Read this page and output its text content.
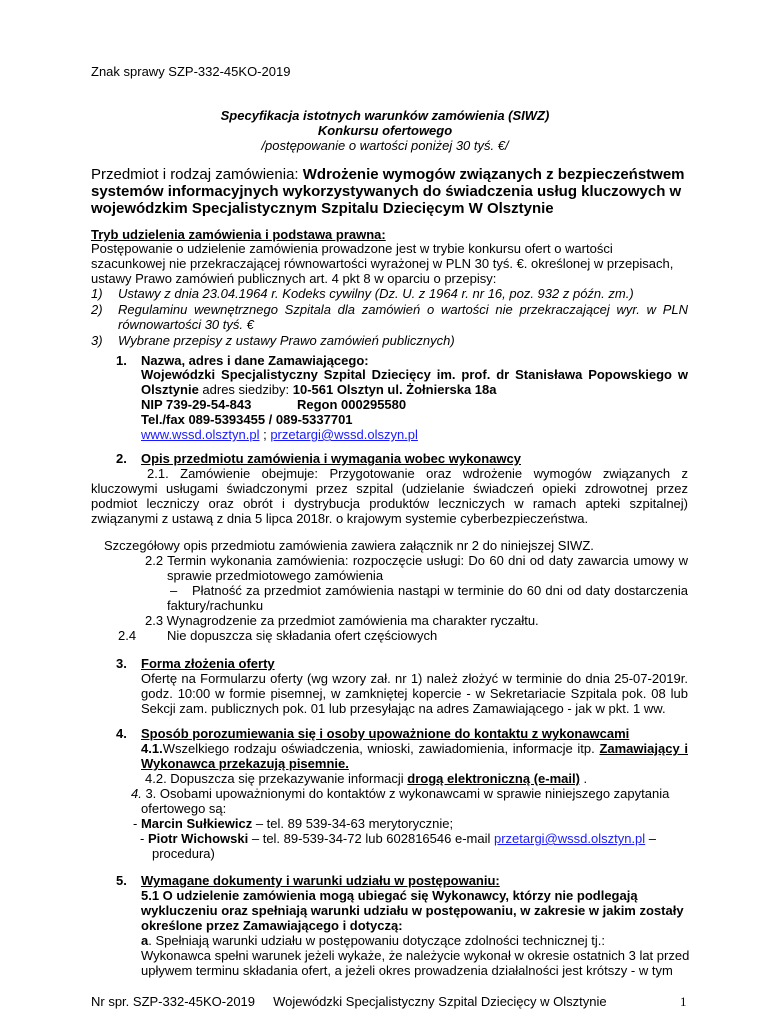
Znak sprawy SZP-332-45KO-2019
Specyfikacja istotnych warunków zamówienia (SIWZ)
Konkursu ofertowego
/postępowanie o wartości poniżej 30 tyś. €/
Przedmiot i rodzaj zamówienia: Wdrożenie wymogów związanych z bezpieczeństwem
systemów informacyjnych wykorzystywanych do świadczenia usług kluczowych w
wojewódzkim Specjalistycznym Szpitalu Dziecięcym W Olsztynie
Tryb udzielenia zamówienia i podstawa prawna:
Postępowanie o udzielenie zamówienia prowadzone jest w trybie konkursu ofert o wartości
szacunkowej nie przekraczającej równowartości wyrażonej w PLN 30 tyś. €. określonej w przepisach,
ustawy Prawo zamówień publicznych art. 4 pkt 8 w oparciu o przepisy:
1) Ustawy z dnia 23.04.1964 r. Kodeks cywilny (Dz. U. z 1964 r. nr 16, poz. 932 z późn. zm.)
2) Regulaminu wewnętrznego Szpitala dla zamówień o wartości nie przekraczającej wyr. w PLN
równowartości 30 tyś. €
3) Wybrane przepisy z ustawy Prawo zamówień publicznych)
1. Nazwa, adres i dane Zamawiającego:
Wojewódzki Specjalistyczny Szpital Dziecięcy im. prof. dr Stanisława Popowskiego w
Olsztynie adres siedziby: 10-561 Olsztyn ul. Żołnierska 18a
NIP 739-29-54-843	Regon 000295580
Tel./fax 089-5393455 / 089-5337701
www.wssd.olsztyn.pl ; przetargi@wssd.olszyn.pl
2. Opis przedmiotu zamówienia i wymagania wobec wykonawcy
2.1. Zamówienie obejmuje: Przygotowanie oraz wdrożenie wymogów związanych z
kluczowymi usługami świadczonymi przez szpital (udzielanie świadczeń opieki zdrowotnej przez
podmiot leczniczy oraz obrót i dystrybucja produktów leczniczych w ramach apteki szpitalnej)
związanymi z ustawą z dnia 5 lipca 2018r. o krajowym systemie cyberbezpieczeństwa.
Szczegółowy opis przedmiotu zamówienia zawiera załącznik nr 2 do niniejszej SIWZ.
2.2 Termin wykonania zamówienia: rozpoczęcie usługi: Do 60 dni od daty zawarcia umowy w
sprawie przedmiotowego zamówienia
– Płatność za przedmiot zamówienia nastąpi w terminie do 60 dni od daty dostarczenia
faktury/rachunku
2.3 Wynagrodzenie za przedmiot zamówienia ma charakter ryczałtu.
2.4 Nie dopuszcza się składania ofert częściowych
3. Forma złożenia oferty
Ofertę na Formularzu oferty (wg wzory zał. nr 1) należ złożyć w terminie do dnia 25-07-2019r.
godz. 10:00 w formie pisemnej, w zamkniętej kopercie - w Sekretariacie Szpitala pok. 08 lub
Sekcji zam. publicznych pok. 01 lub przesyłając na adres Zamawiającego - jak w pkt. 1 ww.
4. Sposób porozumiewania się i osoby upoważnione do kontaktu z wykonawcami
4.1.Wszelkiego rodzaju oświadczenia, wnioski, zawiadomienia, informacje itp. Zamawiający i
Wykonawca przekazują pisemnie.
4.2. Dopuszcza się przekazywanie informacji drogą elektroniczną (e-mail) .
4. 3. Osobami upoważnionymi do kontaktów z wykonawcami w sprawie niniejszego zapytania
ofertowego są:
- Marcin Sułkiewicz – tel. 89 539-34-63 merytorycznie;
- Piotr Wichowski – tel. 89-539-34-72 lub 602816546 e-mail przetargi@wssd.olsztyn.pl –
procedura)
5. Wymagane dokumenty i warunki udziału w postępowaniu:
5.1 O udzielenie zamówienia mogą ubiegać się Wykonawcy, którzy nie podlegają
wykluczeniu oraz spełniają warunki udziału w postępowaniu, w zakresie w jakim zostały
określone przez Zamawiającego i dotyczą:
a. Spełniają warunki udziału w postępowaniu dotyczące zdolności technicznej tj.:
Wykonawca spełni warunek jeżeli wykaże, że należycie wykonał w okresie ostatnich 3 lat przed
upływem terminu składania ofert, a jeżeli okres prowadzenia działalności jest krótszy - w tym
Nr spr. SZP-332-45KO-2019     Wojewódzki Specjalistyczny Szpital Dziecięcy w Olsztynie	1
